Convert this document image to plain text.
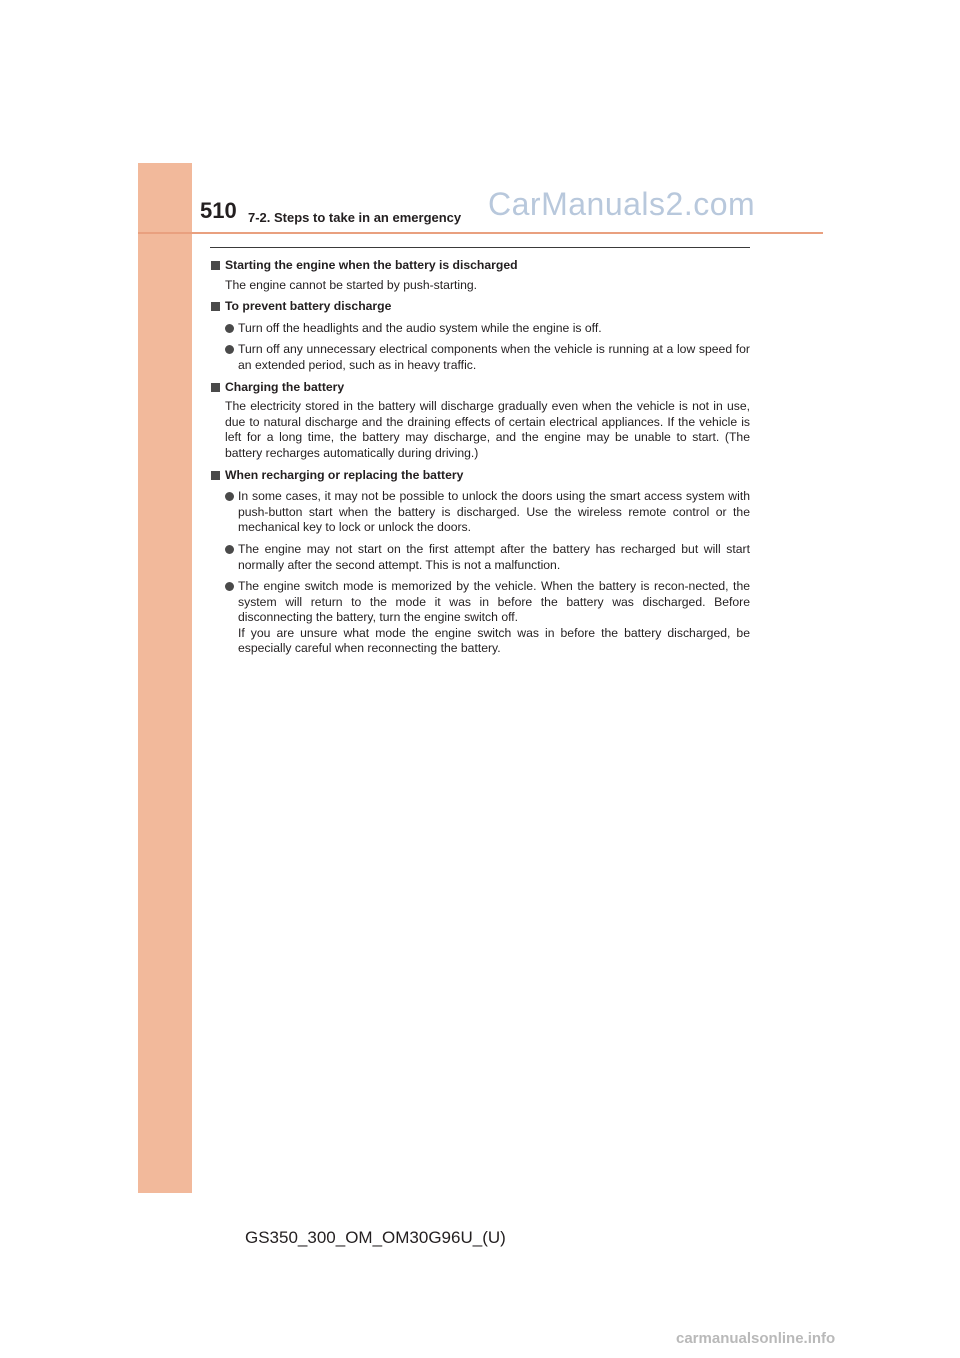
510 7-2. Steps to take in an emergency CarManuals2.com
Starting the engine when the battery is discharged
The engine cannot be started by push-starting.
To prevent battery discharge
Turn off the headlights and the audio system while the engine is off.
Turn off any unnecessary electrical components when the vehicle is running at a low speed for an extended period, such as in heavy traffic.
Charging the battery
The electricity stored in the battery will discharge gradually even when the vehicle is not in use, due to natural discharge and the draining effects of certain electrical appliances. If the vehicle is left for a long time, the battery may discharge, and the engine may be unable to start. (The battery recharges automatically during driving.)
When recharging or replacing the battery
In some cases, it may not be possible to unlock the doors using the smart access system with push-button start when the battery is discharged. Use the wireless remote control or the mechanical key to lock or unlock the doors.
The engine may not start on the first attempt after the battery has recharged but will start normally after the second attempt. This is not a malfunction.
The engine switch mode is memorized by the vehicle. When the battery is recon-nected, the system will return to the mode it was in before the battery was discharged. Before disconnecting the battery, turn the engine switch off.
If you are unsure what mode the engine switch was in before the battery discharged, be especially careful when reconnecting the battery.
GS350_300_OM_OM30G96U_(U)
carmanualsonline.info
